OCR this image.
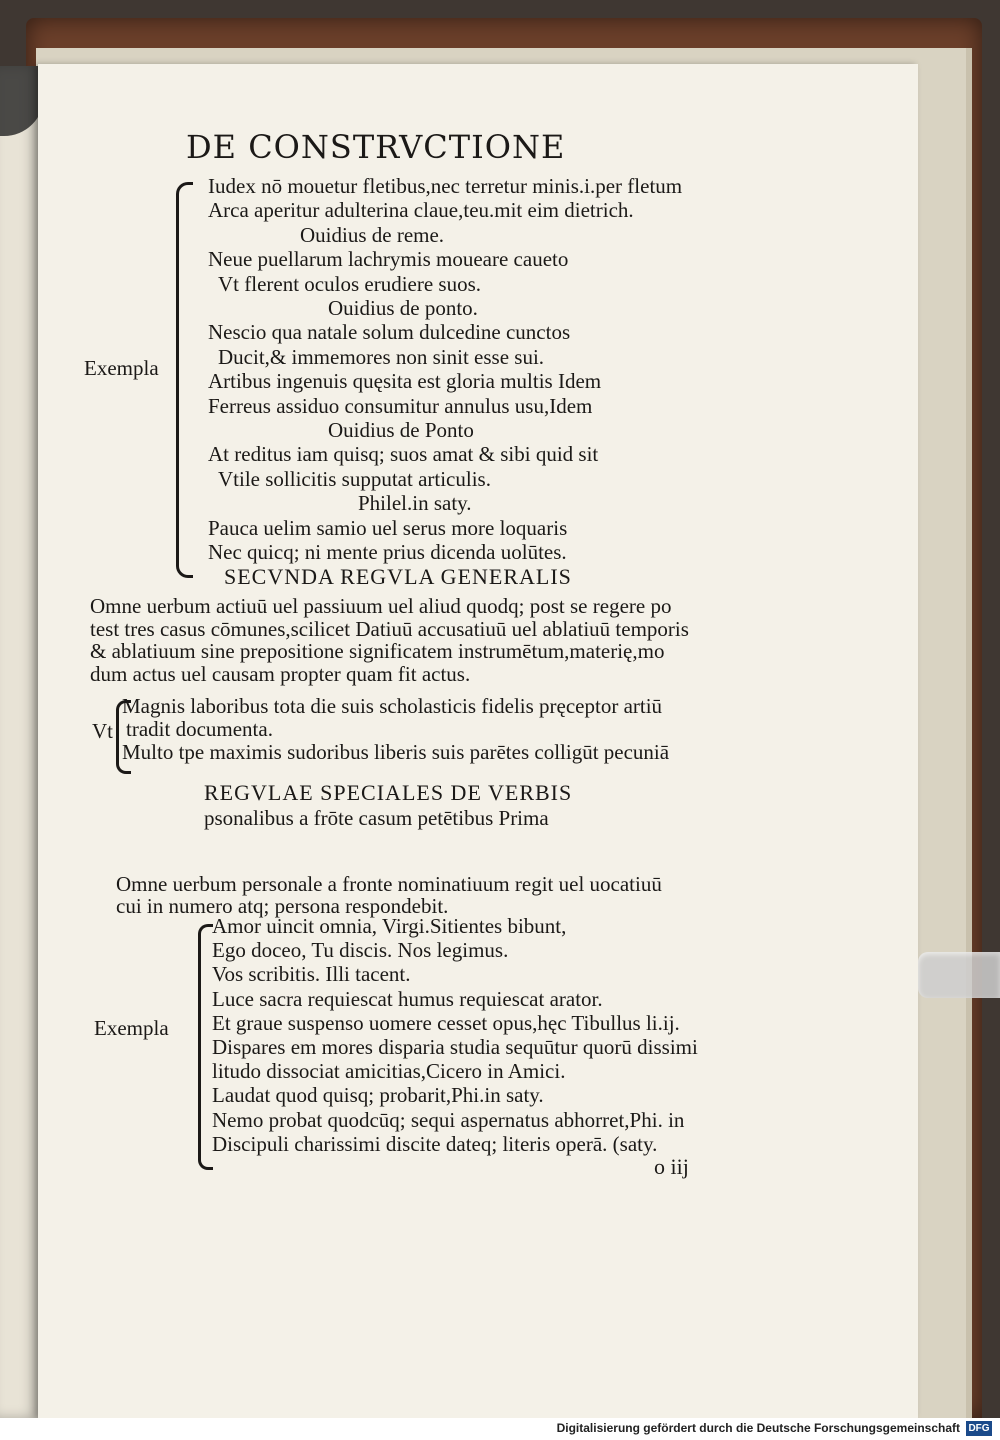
DE CONSTRVCTIONE
Exempla
Iudex nō mouetur fletibus,nec terretur minis.i.per fletum
Arca aperitur adulterina claue,teu.mit eim dietrich.
Ouidius de reme.
Neue puellarum lachrymis moueare caueto
Vt flerent oculos erudiere suos.
Ouidius de ponto.
Nescio qua natale solum dulcedine cunctos
Ducit,& immemores non sinit esse sui.
Artibus ingenuis quęsita est gloria multis Idem
Ferreus assiduo consumitur annulus usu,Idem
Ouidius de Ponto
At reditus iam quisq; suos amat & sibi quid sit
Vtile sollicitis supputat articulis.
Philel.in saty.
Pauca uelim samio uel serus more loquaris
Nec quicq; ni mente prius dicenda uolūtes.
SECVNDA REGVLA GENERALIS
Omne uerbum actiuū uel passiuum uel aliud quodq; post se regere po
test tres casus cōmunes,scilicet Datiuū accusatiuū uel ablatiuū temporis
& ablatiuum sine prepositione significatem instrumētum,materię,mo
dum actus uel causam propter quam fit actus.
Vt
Magnis laboribus tota die suis scholasticis fidelis pręceptor artiū
tradit documenta.
Multo tpe maximis sudoribus liberis suis parētes colligūt pecuniā
REGVLAE SPECIALES DE VERBIS
psonalibus a frōte casum petētibus Prima
Omne uerbum personale a fronte nominatiuum regit uel uocatiuū
cui in numero atq; persona respondebit.
Exempla
Amor uincit omnia, Virgi.Sitientes bibunt,
Ego doceo, Tu discis. Nos legimus.
Vos scribitis. Illi tacent.
Luce sacra requiescat humus requiescat arator.
Et graue suspenso uomere cesset opus,hęc Tibullus li.ij.
Dispares em mores disparia studia sequūtur quorū dissimi
litudo dissociat amicitias,Cicero in Amici.
Laudat quod quisq; probarit,Phi.in saty.
Nemo probat quodcūq; sequi aspernatus abhorret,Phi. in
Discipuli charissimi discite dateq; literis operā. (saty.
o iij
Digitalisierung gefördert durch die Deutsche Forschungsgemeinschaft DFG
